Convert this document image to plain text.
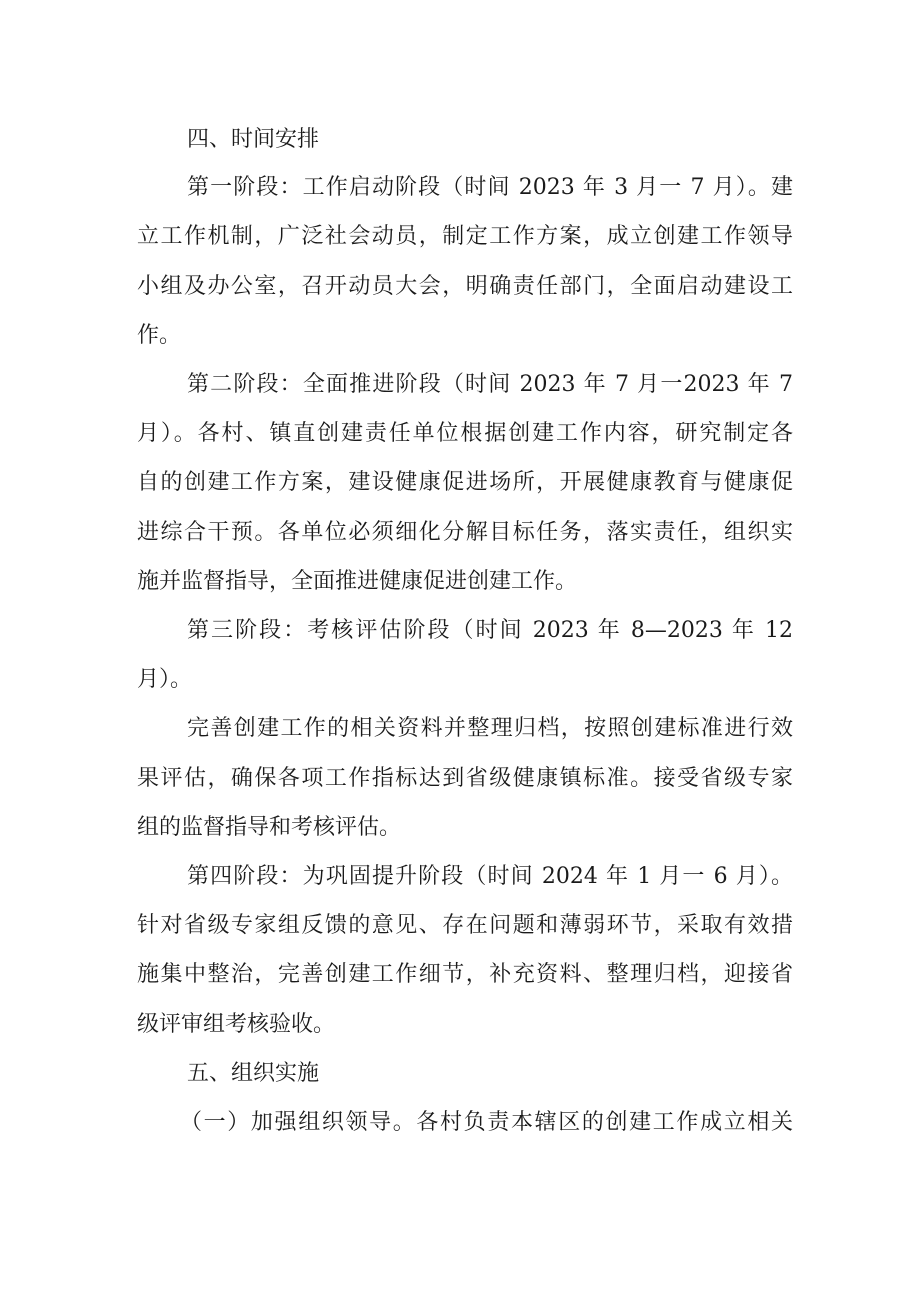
四、时间安排
第一阶段：工作启动阶段（时间 2023 年 3 月一 7 月）。建
立工作机制，广泛社会动员，制定工作方案，成立创建工作领导
小组及办公室，召开动员大会，明确责任部门，全面启动建设工
作。
第二阶段：全面推进阶段（时间 2023 年 7 月一2023 年 7
月）。各村、镇直创建责任单位根据创建工作内容，研究制定各
自的创建工作方案，建设健康促进场所，开展健康教育与健康促
进综合干预。各单位必须细化分解目标任务，落实责任，组织实
施并监督指导，全面推进健康促进创建工作。
第三阶段：考核评估阶段（时间 2023 年 8—2023 年 12
月）。
完善创建工作的相关资料并整理归档，按照创建标准进行效
果评估，确保各项工作指标达到省级健康镇标准。接受省级专家
组的监督指导和考核评估。
第四阶段：为巩固提升阶段（时间 2024 年 1 月一 6 月）。
针对省级专家组反馈的意见、存在问题和薄弱环节，采取有效措
施集中整治，完善创建工作细节，补充资料、整理归档，迎接省
级评审组考核验收。
五、组织实施
（一）加强组织领导。各村负责本辖区的创建工作成立相关
